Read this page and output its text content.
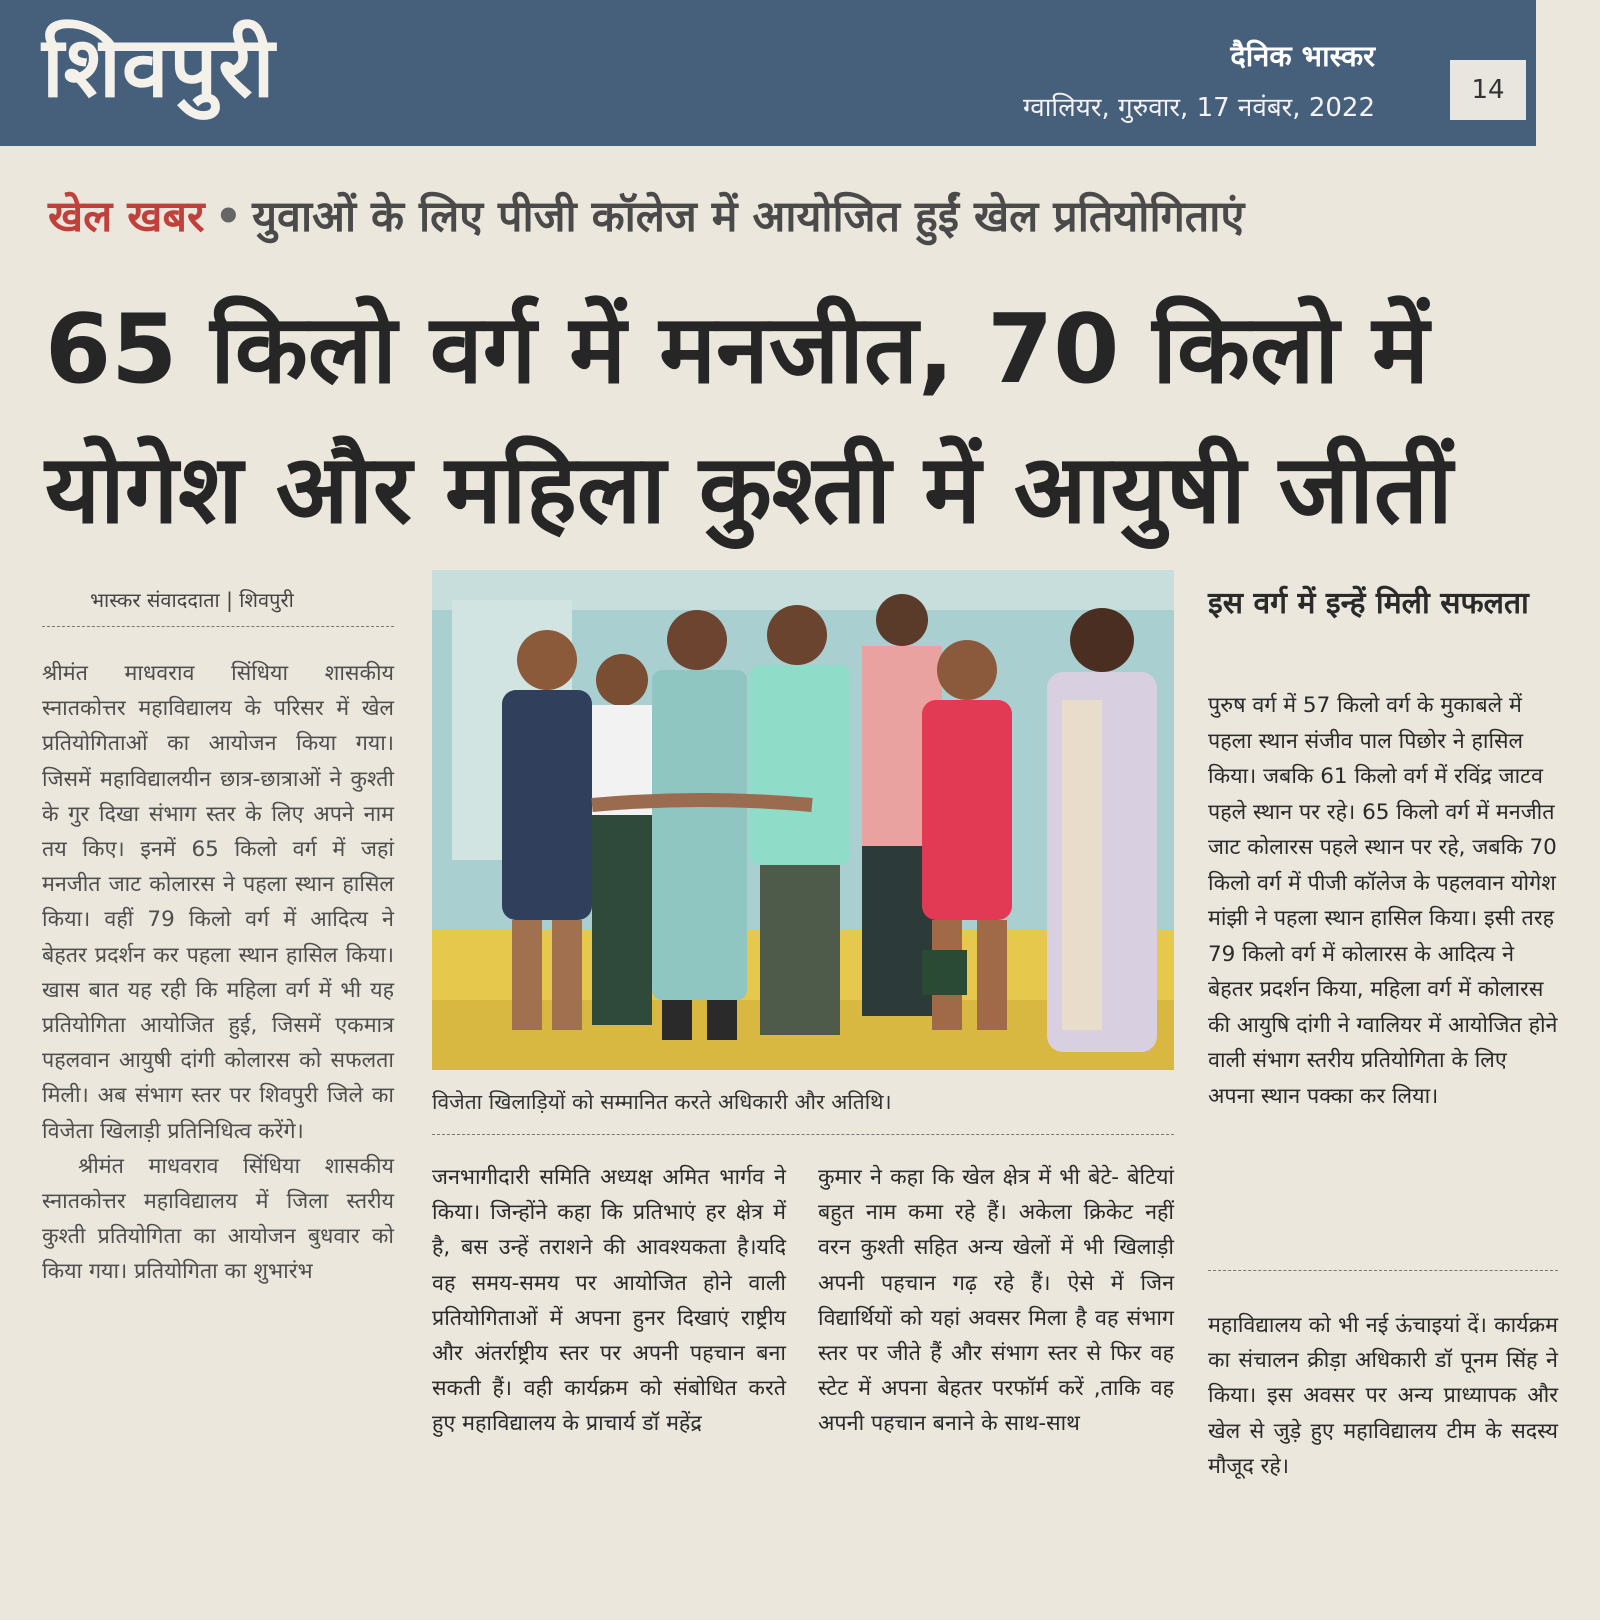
शिवपुरी	दैनिक भास्कर
ग्वालियर, गुरुवार, 17 नवंबर, 2022
14
खेल खबर • युवाओं के लिए पीजी कॉलेज में आयोजित हुईं खेल प्रतियोगिताएं
65 किलो वर्ग में मनजीत, 70 किलो में योगेश और महिला कुश्ती में आयुषी जीतीं
भास्कर संवाददाता | शिवपुरी

श्रीमंत माधवराव सिंधिया शासकीय स्नातकोत्तर महाविद्यालय के परिसर में खेल प्रतियोगिताओं का आयोजन किया गया। जिसमें महाविद्यालयीन छात्र-छात्राओं ने कुश्ती के गुर दिखा संभाग स्तर के लिए अपने नाम तय किए। इनमें 65 किलो वर्ग में जहां मनजीत जाट कोलारस ने पहला स्थान हासिल किया। वहीं 79 किलो वर्ग में आदित्य ने बेहतर प्रदर्शन कर पहला स्थान हासिल किया। खास बात यह रही कि महिला वर्ग में भी यह प्रतियोगिता आयोजित हुई, जिसमें एकमात्र पहलवान आयुषी दांगी कोलारस को सफलता मिली। अब संभाग स्तर पर शिवपुरी जिले का विजेता खिलाड़ी प्रतिनिधित्व करेंगे।

श्रीमंत माधवराव सिंधिया शासकीय स्नातकोत्तर महाविद्यालय में जिला स्तरीय कुश्ती प्रतियोगिता का आयोजन बुधवार को किया गया। प्रतियोगिता का शुभारंभ

विजेता खिलाड़ियों को सम्मानित करते अधिकारी और अतिथि।

जनभागीदारी समिति अध्यक्ष अमित भार्गव ने किया। जिन्होंने कहा कि प्रतिभाएं हर क्षेत्र में है, बस उन्हें तराशने की आवश्यकता है।यदि वह समय-समय पर आयोजित होने वाली प्रतियोगिताओं में अपना हुनर दिखाएं राष्ट्रीय और अंतर्राष्ट्रीय स्तर पर अपनी पहचान बना सकती हैं। वही कार्यक्रम को संबोधित करते हुए महाविद्यालय के प्राचार्य डॉ महेंद्र

कुमार ने कहा कि खेल क्षेत्र में भी बेटे- बेटियां बहुत नाम कमा रहे हैं। अकेला क्रिकेट नहीं वरन कुश्ती सहित अन्य खेलों में भी खिलाड़ी अपनी पहचान गढ़ रहे हैं। ऐसे में जिन विद्यार्थियों को यहां अवसर मिला है वह संभाग स्तर पर जीते हैं और संभाग स्तर से फिर वह स्टेट में अपना बेहतर परफॉर्म करें ,ताकि वह अपनी पहचान बनाने के साथ-साथ

इस वर्ग में इन्हें मिली सफलता

पुरुष वर्ग में 57 किलो वर्ग के मुकाबले में पहला स्थान संजीव पाल पिछोर ने हासिल किया। जबकि 61 किलो वर्ग में रविंद्र जाटव पहले स्थान पर रहे। 65 किलो वर्ग में मनजीत जाट कोलारस पहले स्थान पर रहे, जबकि 70 किलो वर्ग में पीजी कॉलेज के पहलवान योगेश मांझी ने पहला स्थान हासिल किया। इसी तरह 79 किलो वर्ग में कोलारस के आदित्य ने बेहतर प्रदर्शन किया, महिला वर्ग में कोलारस की आयुषि दांगी ने ग्वालियर में आयोजित होने वाली संभाग स्तरीय प्रतियोगिता के लिए अपना स्थान पक्का कर लिया।

महाविद्यालय को भी नई ऊंचाइयां दें। कार्यक्रम का संचालन क्रीड़ा अधिकारी डॉ पूनम सिंह ने किया। इस अवसर पर अन्य प्राध्यापक और खेल से जुड़े हुए महाविद्यालय टीम के सदस्य मौजूद रहे।
